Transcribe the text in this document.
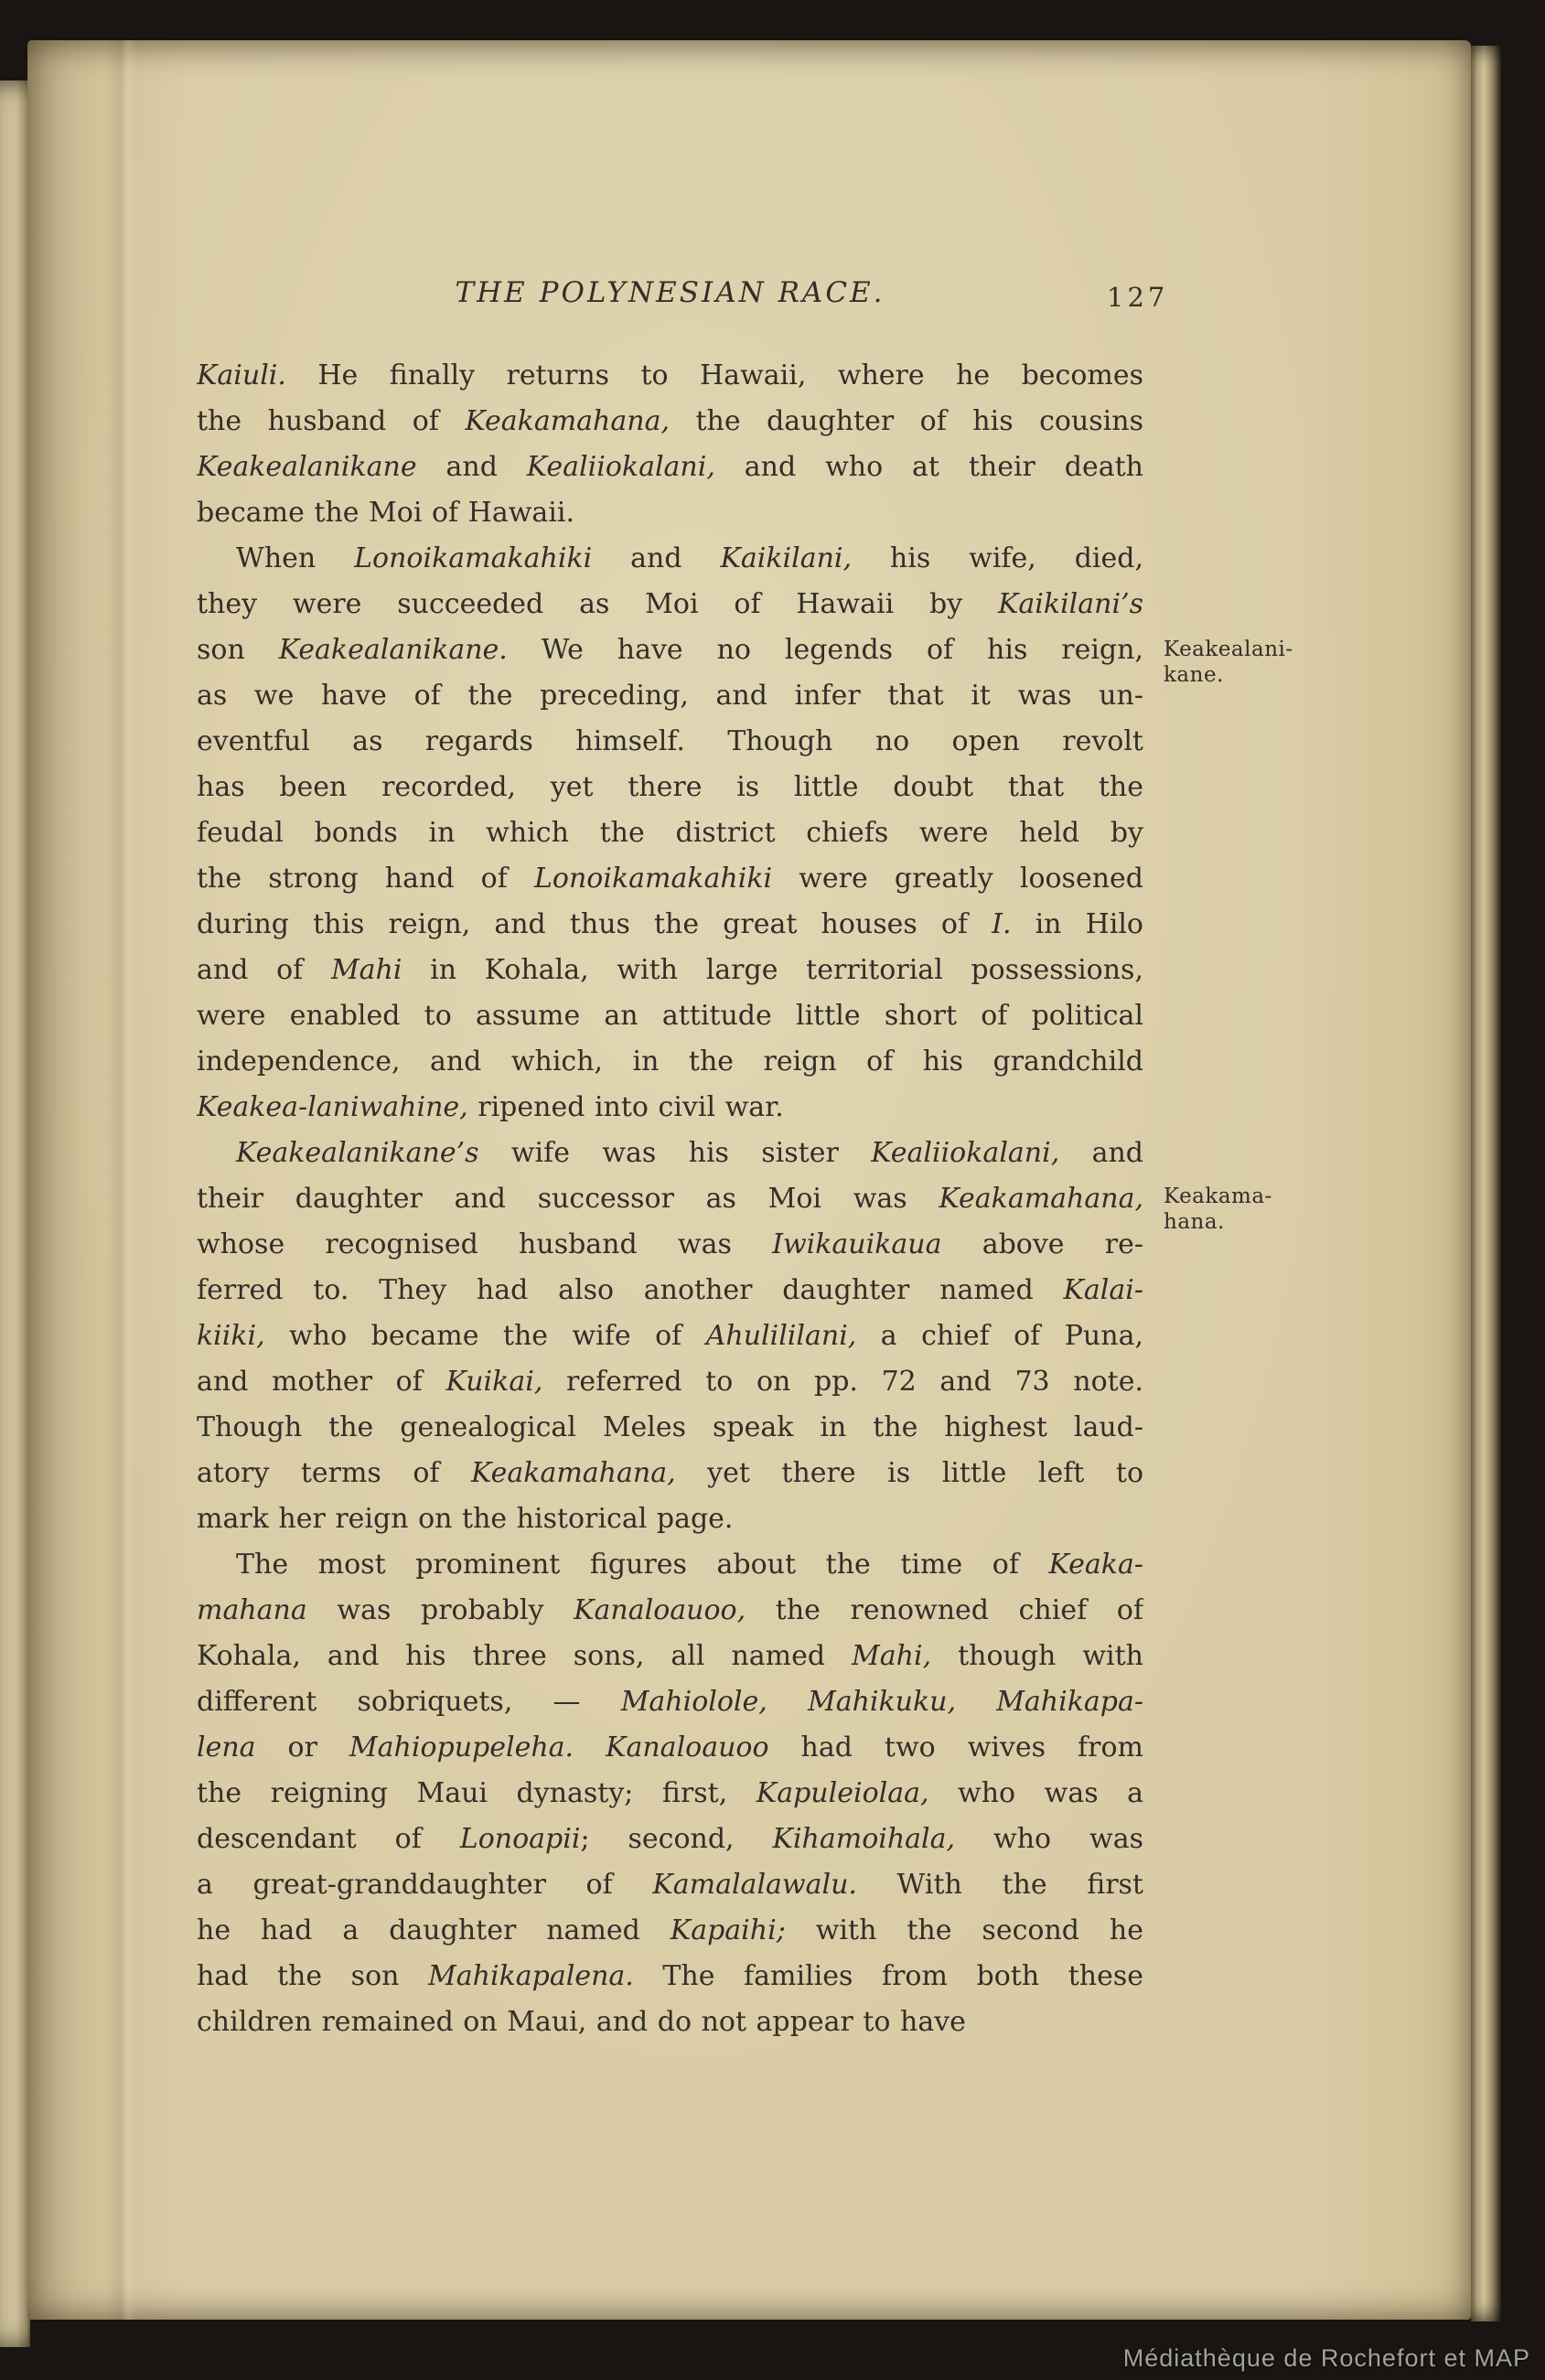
THE POLYNESIAN RACE.	127
Kaiuli. He finally returns to Hawaii, where he becomes
the husband of Keakamahana, the daughter of his cousins
Keakealanikane and Kealiiokalani, and who at their death
became the Moi of Hawaii.
When Lonoikamakahiki and Kaikilani, his wife, died,
they were succeeded as Moi of Hawaii by Kaikilani’s
son Keakealanikane. We have no legends of his reign,
as we have of the preceding, and infer that it was un-
eventful as regards himself. Though no open revolt
has been recorded, yet there is little doubt that the
feudal bonds in which the district chiefs were held by
the strong hand of Lonoikamakahiki were greatly loosened
during this reign, and thus the great houses of I. in Hilo
and of Mahi in Kohala, with large territorial possessions,
were enabled to assume an attitude little short of political
independence, and which, in the reign of his grandchild
Keakea-laniwahine, ripened into civil war.
Keakealanikane’s wife was his sister Kealiiokalani, and
their daughter and successor as Moi was Keakamahana,
whose recognised husband was Iwikauikaua above re-
ferred to. They had also another daughter named Kalai-
kiiki, who became the wife of Ahulililani, a chief of Puna,
and mother of Kuikai, referred to on pp. 72 and 73 note.
Though the genealogical Meles speak in the highest laud-
atory terms of Keakamahana, yet there is little left to
mark her reign on the historical page.
The most prominent figures about the time of Keaka-
mahana was probably Kanaloauoo, the renowned chief of
Kohala, and his three sons, all named Mahi, though with
different sobriquets, — Mahiolole, Mahikuku, Mahikapa-
lena or Mahiopupeleha. Kanaloauoo had two wives from
the reigning Maui dynasty; first, Kapuleiolaa, who was a
descendant of Lonoapii; second, Kihamoihala, who was
a great-granddaughter of Kamalalawalu. With the first
he had a daughter named Kapaihi; with the second he
had the son Mahikapalena. The families from both these
children remained on Maui, and do not appear to have
Keakealani-
kane.
Keakama-
hana.
Médiathèque de Rochefort et MAP
